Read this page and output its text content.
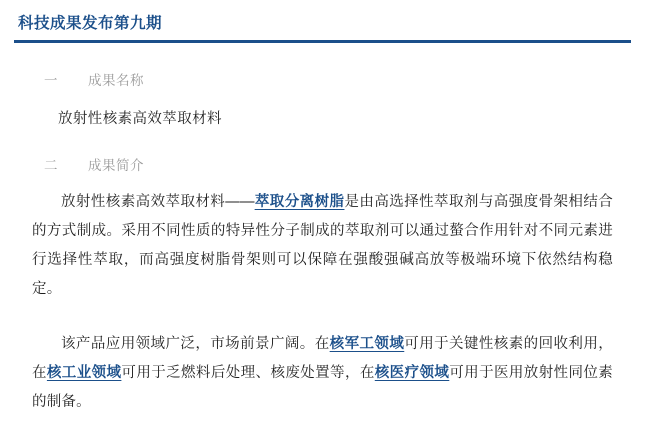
科技成果发布第九期
一	成果名称
放射性核素高效萃取材料
二	成果简介
放射性核素高效萃取材料——萃取分离树脂是由高选择性萃取剂与高强度骨架相结合的方式制成。采用不同性质的特异性分子制成的萃取剂可以通过螯合作用针对不同元素进行选择性萃取，而高强度树脂骨架则可以保障在强酸强碱高放等极端环境下依然结构稳定。
该产品应用领域广泛，市场前景广阔。在核军工领域可用于关键性核素的回收利用，在核工业领域可用于乏燃料后处理、核废处置等，在核医疗领域可用于医用放射性同位素的制备。
